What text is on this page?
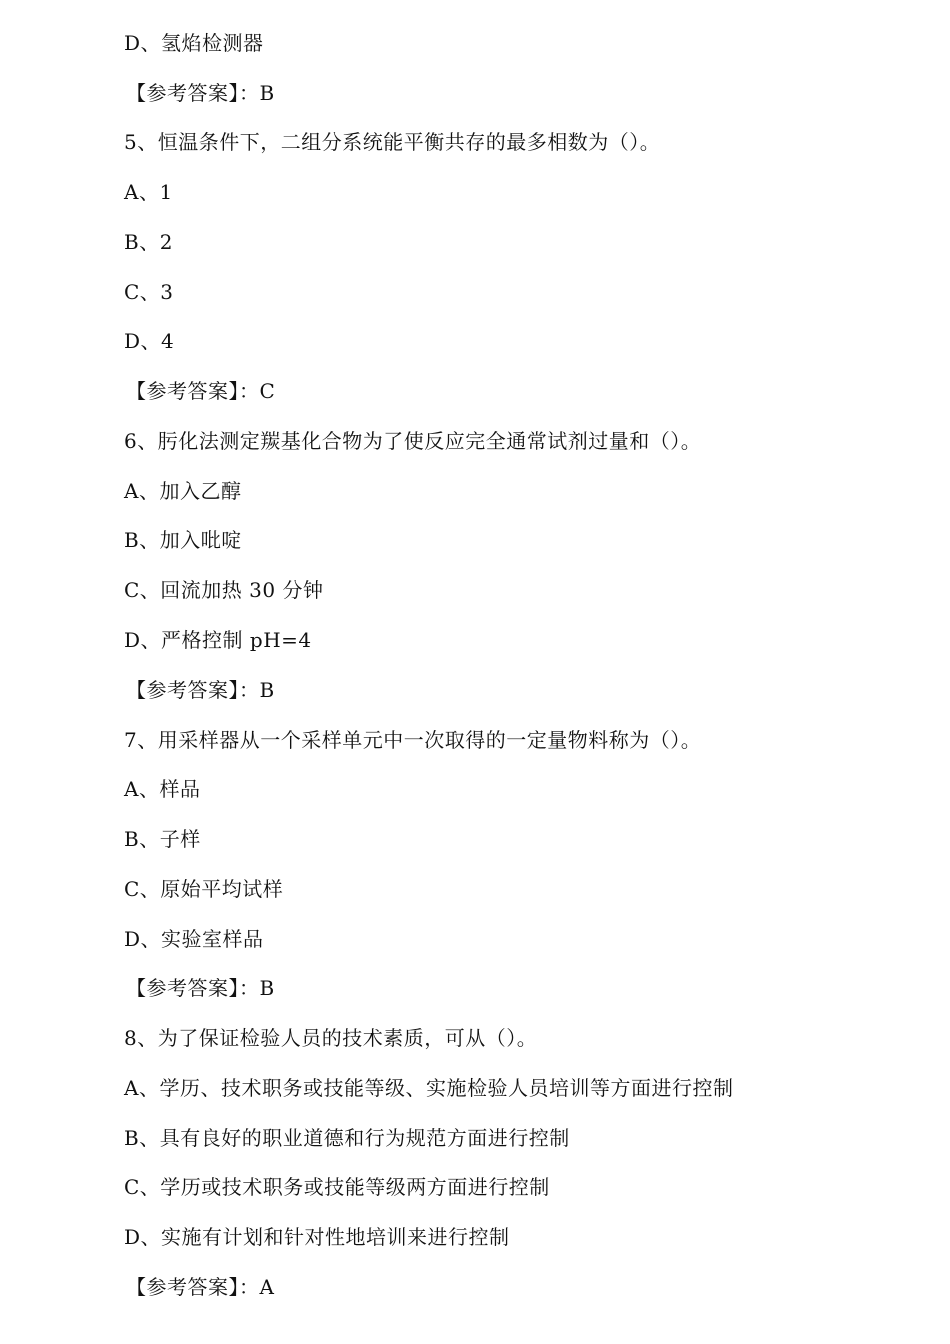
D、氢焰检测器
【参考答案】：B
5、恒温条件下，二组分系统能平衡共存的最多相数为（）。
A、1
B、2
C、3
D、4
【参考答案】：C
6、肟化法测定羰基化合物为了使反应完全通常试剂过量和（）。
A、加入乙醇
B、加入吡啶
C、回流加热 30 分钟
D、严格控制 pH=4
【参考答案】：B
7、用采样器从一个采样单元中一次取得的一定量物料称为（）。
A、样品
B、子样
C、原始平均试样
D、实验室样品
【参考答案】：B
8、为了保证检验人员的技术素质，可从（）。
A、学历、技术职务或技能等级、实施检验人员培训等方面进行控制
B、具有良好的职业道德和行为规范方面进行控制
C、学历或技术职务或技能等级两方面进行控制
D、实施有计划和针对性地培训来进行控制
【参考答案】：A
